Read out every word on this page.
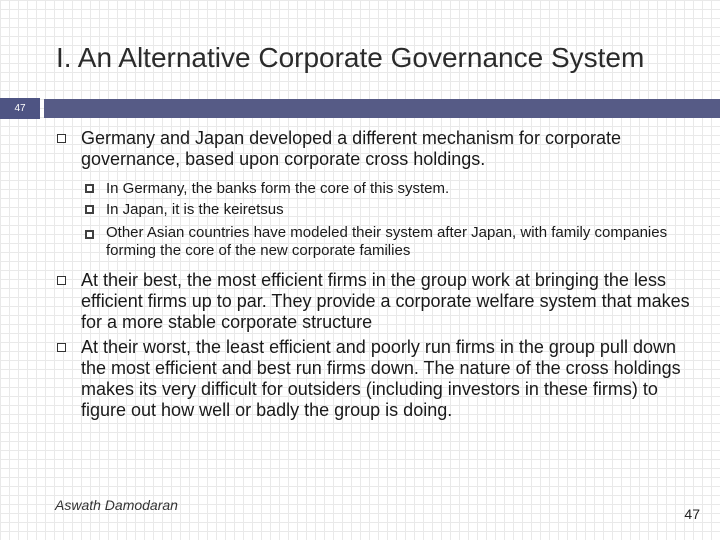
I. An Alternative Corporate Governance System
47
Germany and Japan developed a different mechanism for corporate governance, based upon corporate cross holdings.
In Germany, the banks form the core of this system.
In Japan, it is the keiretsus
Other Asian countries have modeled their system after Japan, with family companies forming the core of the new corporate families
At their best, the most efficient firms in the group work at bringing the less efficient firms up to par. They provide a corporate welfare system that makes for a more stable corporate structure
At their worst, the least efficient and poorly run firms in the group pull down the most efficient and best run firms down. The nature of the cross holdings makes its very difficult for outsiders (including investors in these firms) to figure out how well or badly the group is doing.
Aswath Damodaran
47
